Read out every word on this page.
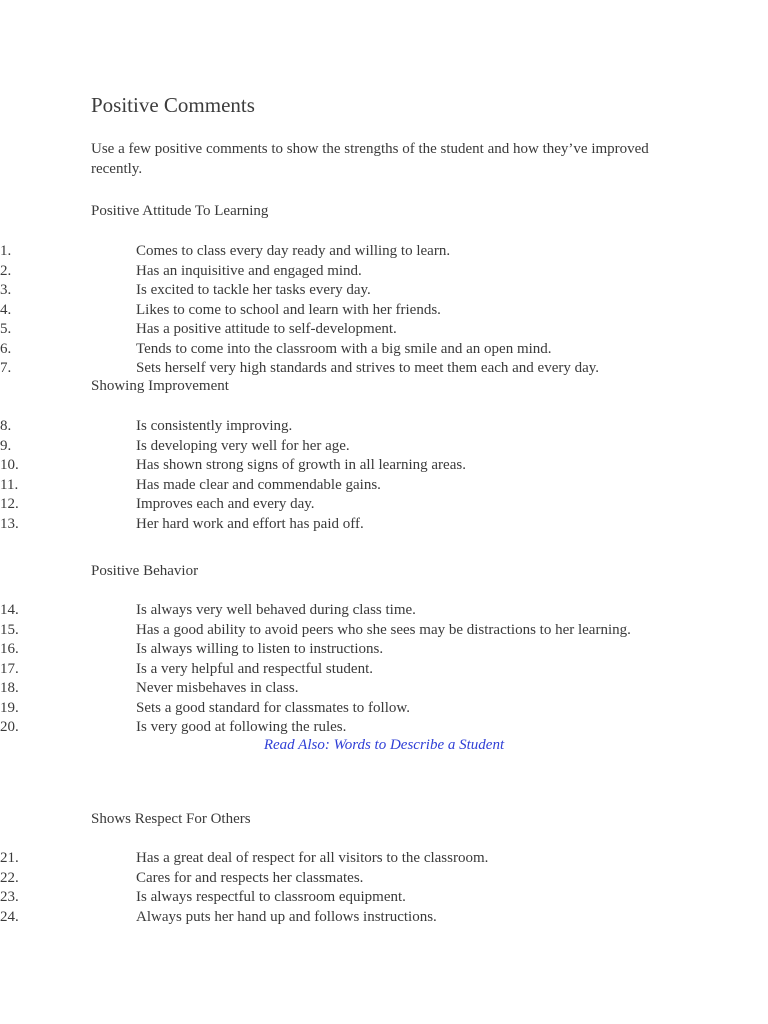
Positive Comments

Use a few positive comments to show the strengths of the student and how they’ve improved recently.

Positive Attitude To Learning
1.	Comes to class every day ready and willing to learn.
2.	Has an inquisitive and engaged mind.
3.	Is excited to tackle her tasks every day.
4.	Likes to come to school and learn with her friends.
5.	Has a positive attitude to self-development.
6.	Tends to come into the classroom with a big smile and an open mind.
7.	Sets herself very high standards and strives to meet them each and every day.
Showing Improvement
8.	Is consistently improving.
9.	Is developing very well for her age.
10.	Has shown strong signs of growth in all learning areas.
11.	Has made clear and commendable gains.
12.	Improves each and every day.
13.	Her hard work and effort has paid off.
Positive Behavior
14.	Is always very well behaved during class time.
15.	Has a good ability to avoid peers who she sees may be distractions to her learning.
16.	Is always willing to listen to instructions.
17.	Is a very helpful and respectful student.
18.	Never misbehaves in class.
19.	Sets a good standard for classmates to follow.
20.	Is very good at following the rules.
Read Also: Words to Describe a Student
Shows Respect For Others
21.	Has a great deal of respect for all visitors to the classroom.
22.	Cares for and respects her classmates.
23.	Is always respectful to classroom equipment.
24.	Always puts her hand up and follows instructions.
